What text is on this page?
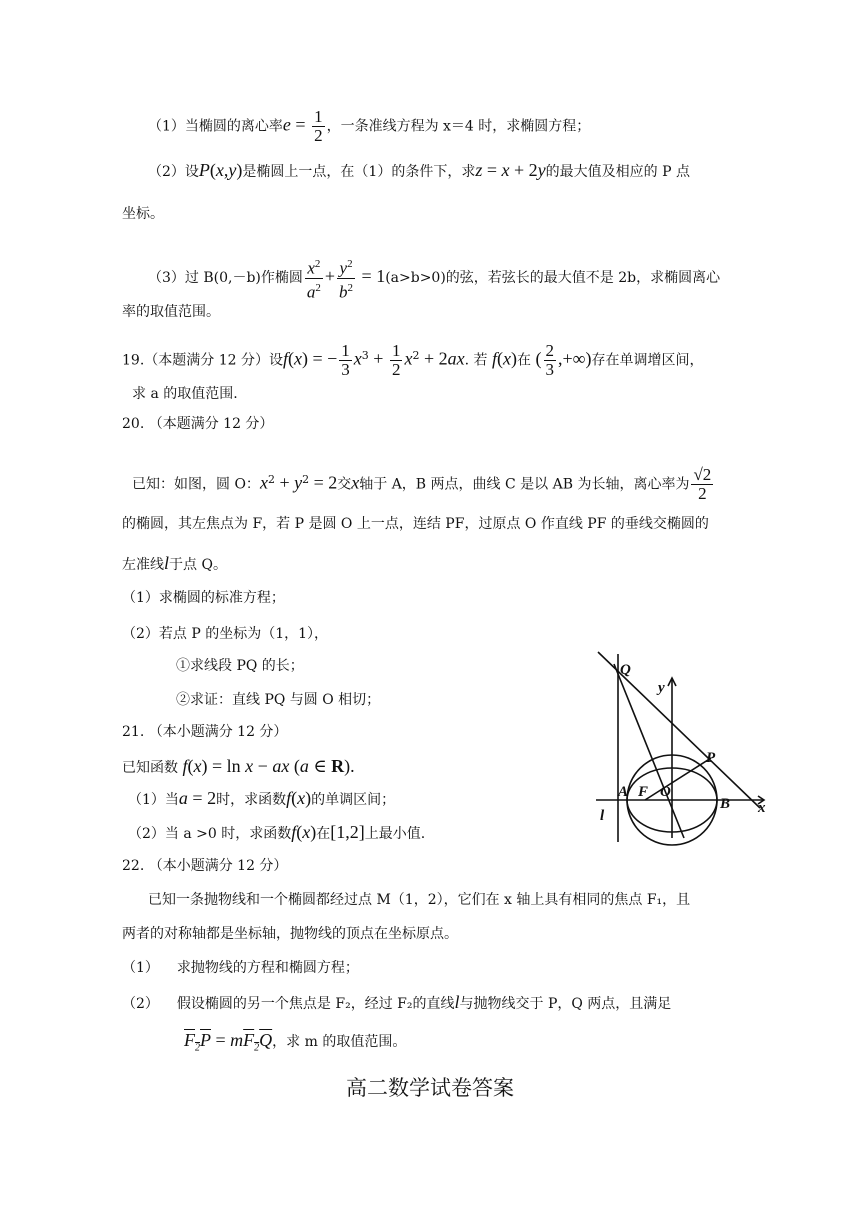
（1）当椭圆的离心率$e = \frac{1}{2}$ ，一条准线方程为 x＝4 时，求椭圆方程；
（2）设P(x,y)是椭圆上一点，在（1）的条件下，求z = x + 2y的最大值及相应的 P 点
坐标。
（3）过 B(0,－b)作椭圆 $\frac{x^2}{a^2} + \frac{y^2}{b^2} = 1(a>b>0)$的弦，若弦长的最大值不是 2b，求椭圆离心
率的取值范围。
19.（本题满分 12 分）设f(x) = − $\frac{1}{3} x^3 + \frac{1}{2} x^2 + 2ax$. 若 f(x)在 ( $\frac{2}{3}$ ,+∞)存在单调增区间，
求 a 的取值范围.
20. （本题满分 12 分）
已知：如图，圆 O：$x^2 + y^2 = 2$交x轴于 A，B 两点，曲线 C 是以 AB 为长轴，离心率为 $\frac{√2}{2}$
的椭圆，其左焦点为 F，若 P 是圆 O 上一点，连结 PF，过原点 O 作直线 PF 的垂线交椭圆的
左准线l于点 Q。
（1）求椭圆的标准方程；
（2）若点 P 的坐标为（1，1），
①求线段 PQ 的长；
②求证：直线 PQ 与圆 O 相切；
21. （本小题满分 12 分）
已知函数 f(x) = ln x − ax (a ∈ R).
（1）当a = 2时，求函数f(x)的单调区间；
（2）当 a >0 时，求函数f(x)在[1,2]上最小值.
22. （本小题满分 12 分）
已知一条抛物线和一个椭圆都经过点 M（1，2），它们在 x 轴上具有相同的焦点 F₁，且
两者的对称轴都是坐标轴，抛物线的顶点在坐标原点。
（1） 求抛物线的方程和椭圆方程；
（2） 假设椭圆的另一个焦点是 F₂，经过 F₂的直线l与抛物线交于 P，Q 两点，且满足
$F_2P = mF_2Q$，求 m 的取值范围。
高二数学试卷答案
Q
y
P
A F O
B x
l
